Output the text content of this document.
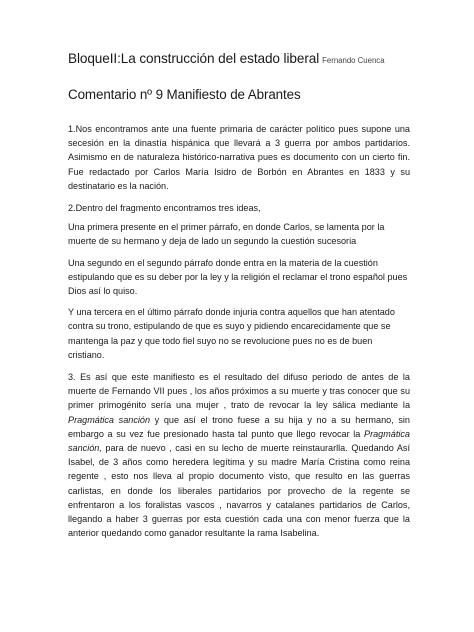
BloqueII:La construcción del estado liberal Fernando Cuenca
Comentario nº 9 Manifiesto de Abrantes

1.Nos encontramos ante una fuente primaria de carácter político pues supone una secesión en la dinastía hispánica que llevará a 3 guerra por ambos partidarios. Asimismo en de naturaleza histórico-narrativa pues es documento con un cierto fin. Fue redactado por Carlos María Isidro de Borbón en Abrantes en 1833 y su destinatario es la nación.

2.Dentro del fragmento encontramos tres ideas,

Una primera presente en el primer párrafo, en donde Carlos, se lamenta por la muerte de su hermano y deja de lado un segundo la cuestión sucesoria

Una segundo en el segundo párrafo donde entra en la materia de la cuestión estipulando que es su deber por la ley y la religión el reclamar el trono español pues Dios así lo quiso.

Y una tercera en el último párrafo donde injuria contra aquellos que han atentado contra su trono, estipulando de que es suyo y pidiendo encarecidamente que se mantenga la paz y que todo fiel suyo no se revolucione pues no es de buen cristiano.

3. Es así que este manifiesto es el resultado del difuso periodo de antes de la muerte de Fernando VII pues , los años próximos a su muerte y tras conocer que su primer primogénito sería una mujer , trato de revocar la ley sálica mediante la Pragmática sanción y que así el trono fuese a su hija y no a su hermano, sin embargo a su vez fue presionado hasta tal punto que llego revocar la Pragmática sanción, para de nuevo , casi en su lecho de muerte reinstaurarlla. Quedando Así Isabel, de 3 años como heredera legítima y su madre María Cristina como reina regente , esto nos lleva al propio documento visto, que resulto en las guerras carlistas, en donde los liberales partidarios por provecho de la regente se enfrentaron a los foralistas vascos , navarros y catalanes partidarios de Carlos, llegando a haber 3 guerras por esta cuestión cada una con menor fuerza que la anterior quedando como ganador resultante la rama Isabelina.
